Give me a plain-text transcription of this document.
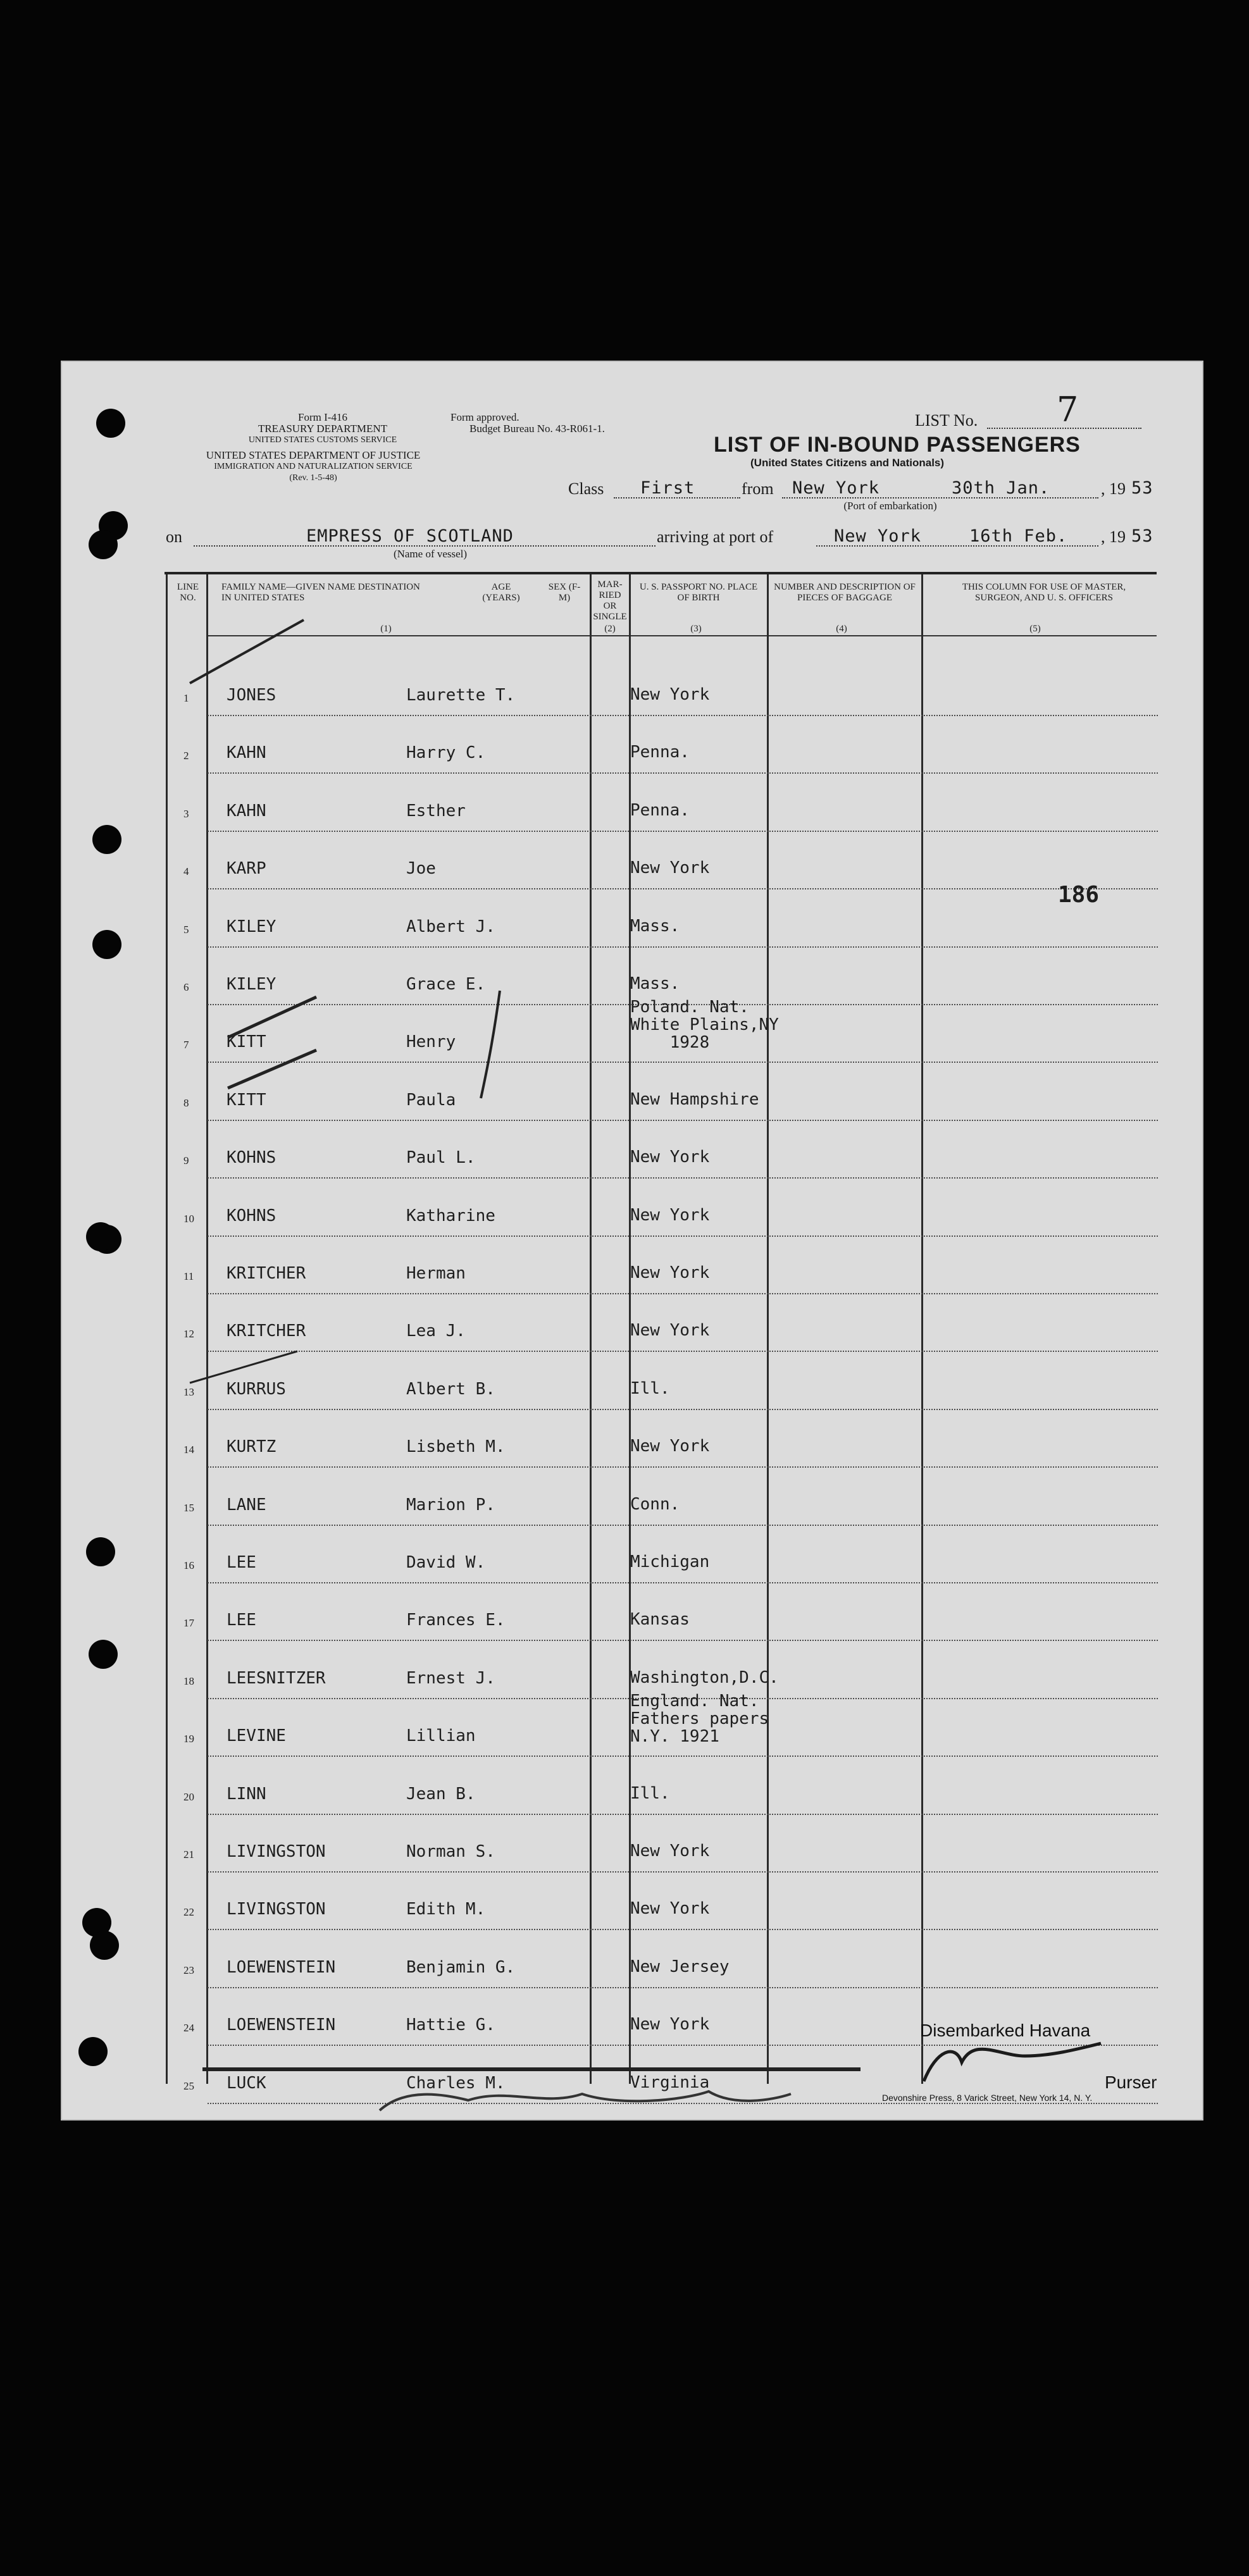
Form I-416
TREASURY DEPARTMENT
UNITED STATES CUSTOMS SERVICE
UNITED STATES DEPARTMENT OF JUSTICE
IMMIGRATION AND NATURALIZATION SERVICE
(Rev. 1-5-48)
Form approved.
Budget Bureau No. 43-R061-1.	LIST No. 7
LIST OF IN-BOUND PASSENGERS
(United States Citizens and Nationals)
Class First	from New York	30th Jan.	, 19 53
(Port of embarkation)
on	EMPRESS OF SCOTLAND
(Name of vessel)
arriving at port of	New York	16th Feb. , 19 53
LINE NO.
FAMILY NAME—GIVEN NAME DESTINATION IN UNITED STATES
AGE (YEARS)
SEX (F-M)
MAR- RIED OR SINGLE
U. S. PASSPORT NO. PLACE OF BIRTH
NUMBER AND DESCRIPTION OF PIECES OF BAGGAGE
THIS COLUMN FOR USE OF MASTER, SURGEON, AND U. S. OFFICERS
(1)	(2)	(3)	(4)	(5)
1 JONES	Laurette T.	New York
2 KAHN	Harry C.	Penna.
3 KAHN	Esther	Penna.
4 KARP	Joe	New York
5 KILEY	Albert J.	Mass.
6 KILEY	Grace E.	Mass.
7 KITT	Henry
Poland. Nat.
White Plains,NY
1928
8 KITT	Paula	New Hampshire
9 KOHNS	Paul L.	New York
10 KOHNS	Katharine	New York
11 KRITCHER	Herman	New York
12 KRITCHER	Lea J.	New York
13 KURRUS	Albert B.	Ill.
14 KURTZ	Lisbeth M.	New York
15 LANE	Marion P.	Conn.
16 LEE	David W.	Michigan
17 LEE	Frances E.	Kansas
18 LEESNITZER	Ernest J.	Washington,D.C.
19 LEVINE	Lillian
England. Nat.
Fathers papers
N.Y. 1921
20 LINN	Jean B.	Ill.
21 LIVINGSTON	Norman S.	New York
22 LIVINGSTON	Edith M.	New York
23 LOEWENSTEIN	Benjamin G.	New Jersey
24 LOEWENSTEIN	Hattie G.	New York
25 LUCK	Charles M.	Virginia
186
Disembarked Havana
Purser
Devonshire Press, 8 Varick Street, New York 14, N. Y.
